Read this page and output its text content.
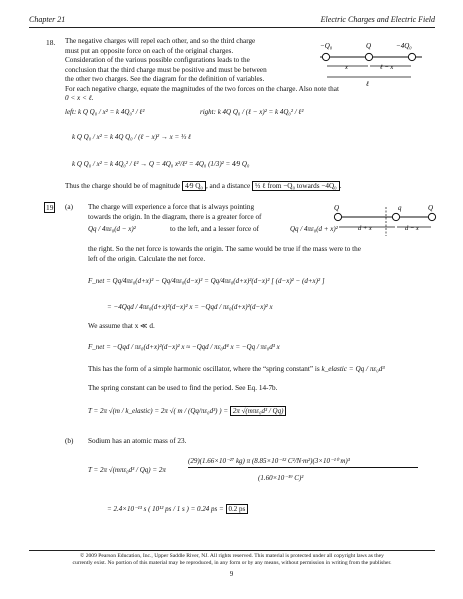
Chapter 21	Electric Charges and Electric Field
18. The negative charges will repel each other, and so the third charge
must put an opposite force on each of the original charges.
Consideration of the various possible configurations leads to the
conclusion that the third charge must be positive and must be between
the other two charges. See the diagram for the definition of variables.
For each negative charge, equate the magnitudes of the two forces on the charge. Also note that
0 < x < ℓ.
−Q₀	Q	−4Q₀
x	ℓ − x
ℓ
left: k Q Q₀ / x² = k 4Q₀² / ℓ²	right: k 4Q Q₀ / (ℓ − x)² = k 4Q₀² / ℓ²
k Q Q₀ / x² = k 4Q Q₀ / (ℓ − x)² → x = ⅓ ℓ
k Q Q₀ / x² = k 4Q₀² / ℓ² → Q = 4Q₀ x²/ℓ² = 4Q₀ (1/3)² = 4⁄9 Q₀
Thus the charge should be of magnitude 4⁄9 Q₀ , and a distance ⅓ ℓ from −Q₀ towards −4Q₀ .
19 (a) The charge will experience a force that is always pointing
towards the origin. In the diagram, there is a greater force of
Qq / 4πε₀(d − x)²	to the left, and a lesser force of	Qq / 4πε₀(d + x)²
the right. So the net force is towards the origin. The same would be true if the mass were to the
left of the origin. Calculate the net force.
Q	q	Q
d + x	d − x
F_net = Qq/4πε₀(d+x)² − Qq/4πε₀(d−x)² = Qq/4πε₀(d+x)²(d−x)² [ (d−x)² − (d+x)² ]
= −4Qqd / 4πε₀(d+x)²(d−x)² x = −Qqd / πε₀(d+x)²(d−x)² x
We assume that x ≪ d.
F_net = −Qqd / πε₀(d+x)²(d−x)² x ≈ −Qqd / πε₀d⁴ x = −Qq / πε₀d³ x
This has the form of a simple harmonic oscillator, where the “spring constant” is k_elastic = Qq / πε₀d³
The spring constant can be used to find the period. See Eq. 14-7b.
T = 2π √(m / k_elastic) = 2π √( m / (Qq/πε₀d³) ) = 2π √(mπε₀d³ / Qq)
(b) Sodium has an atomic mass of 23.
T = 2π √(mπε₀d³ / Qq) = 2π
(29)(1.66×10⁻²⁷ kg) π (8.85×10⁻¹² C²/N·m²)(3×10⁻¹⁰ m)³
(1.60×10⁻¹⁹ C)²
= 2.4×10⁻¹³ s ( 10¹² ps / 1 s ) = 0.24 ps = 0.2 ps
© 2009 Pearson Education, Inc., Upper Saddle River, NJ. All rights reserved. This material is protected under all copyright laws as they
currently exist. No portion of this material may be reproduced, in any form or by any means, without permission in writing from the publisher.
9
